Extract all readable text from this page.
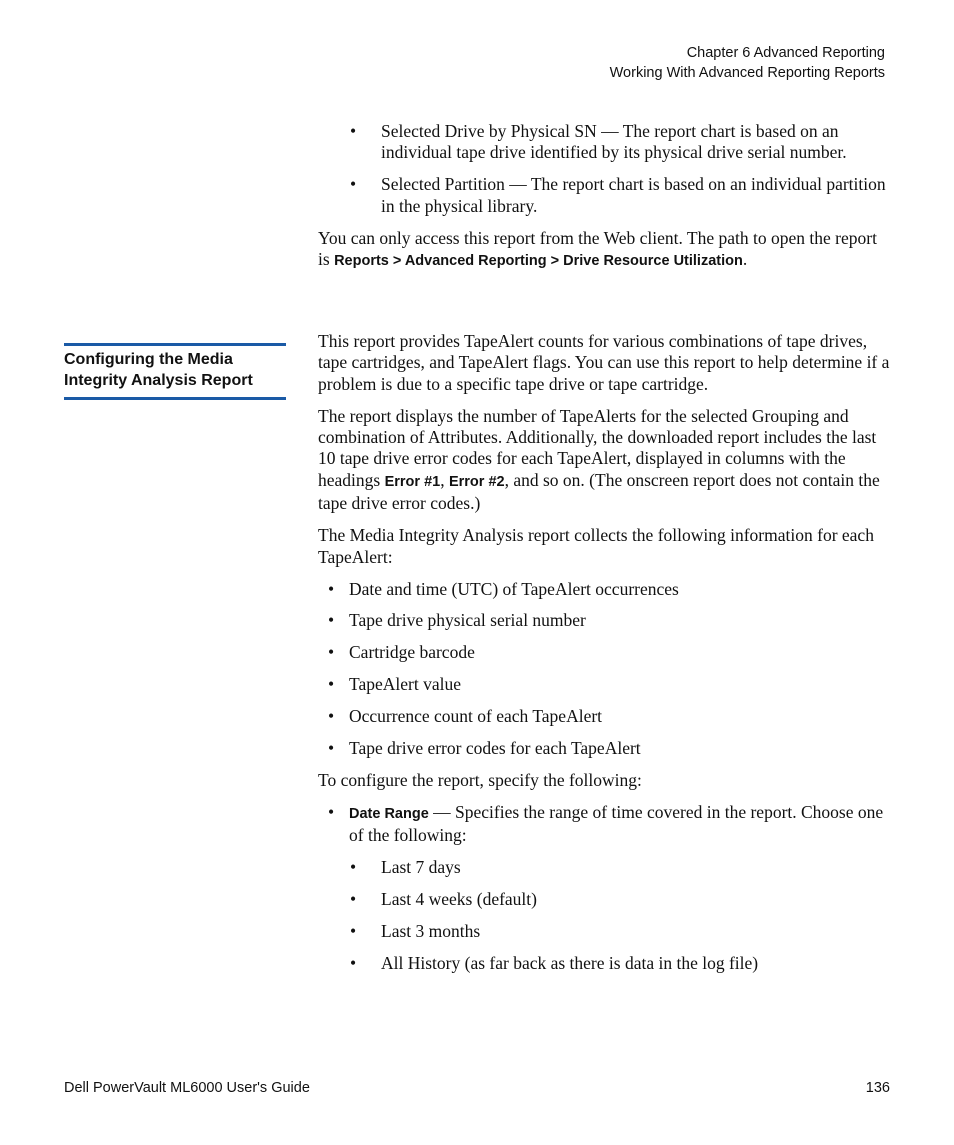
Chapter 6 Advanced Reporting
Working With Advanced Reporting Reports
Configuring the Media Integrity Analysis Report
• Selected Drive by Physical SN — The report chart is based on an individual tape drive identified by its physical drive serial number.
• Selected Partition — The report chart is based on an individual partition in the physical library.

You can only access this report from the Web client. The path to open the report is Reports > Advanced Reporting > Drive Resource Utilization.

This report provides TapeAlert counts for various combinations of tape drives, tape cartridges, and TapeAlert flags. You can use this report to help determine if a problem is due to a specific tape drive or tape cartridge.

The report displays the number of TapeAlerts for the selected Grouping and combination of Attributes. Additionally, the downloaded report includes the last 10 tape drive error codes for each TapeAlert, displayed in columns with the headings Error #1, Error #2, and so on. (The onscreen report does not contain the tape drive error codes.)

The Media Integrity Analysis report collects the following information for each TapeAlert:

• Date and time (UTC) of TapeAlert occurrences
• Tape drive physical serial number
• Cartridge barcode
• TapeAlert value
• Occurrence count of each TapeAlert
• Tape drive error codes for each TapeAlert

To configure the report, specify the following:

• Date Range — Specifies the range of time covered in the report. Choose one of the following:
• Last 7 days
• Last 4 weeks (default)
• Last 3 months
• All History (as far back as there is data in the log file)
Dell PowerVault ML6000 User's Guide	136
